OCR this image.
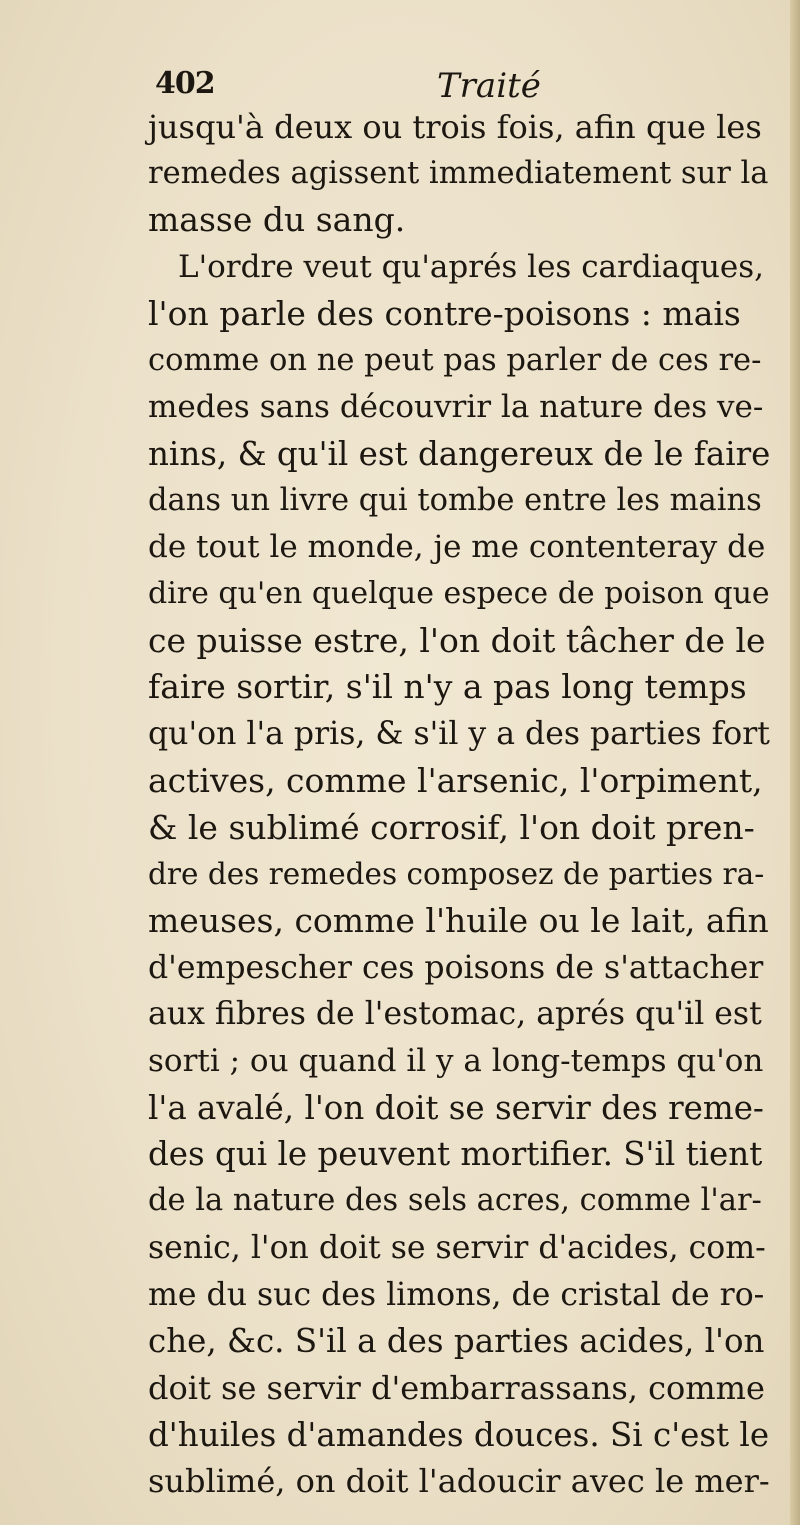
402	Traité
jusqu'à deux ou trois fois, afin que les
remedes agissent immediatement sur la
masse du sang.
L'ordre veut qu'aprés les cardiaques,
l'on parle des contre-poisons : mais
comme on ne peut pas parler de ces re-
medes sans découvrir la nature des ve-
nins, & qu'il est dangereux de le faire
dans un livre qui tombe entre les mains
de tout le monde, je me contenteray de
dire qu'en quelque espece de poison que
ce puisse estre, l'on doit tâcher de le
faire sortir, s'il n'y a pas long temps
qu'on l'a pris, & s'il y a des parties fort
actives, comme l'arsenic, l'orpiment,
& le sublimé corrosif, l'on doit pren-
dre des remedes composez de parties ra-
meuses, comme l'huile ou le lait, afin
d'empescher ces poisons de s'attacher
aux fibres de l'estomac, aprés qu'il est
sorti ; ou quand il y a long-temps qu'on
l'a avalé, l'on doit se servir des reme-
des qui le peuvent mortifier. S'il tient
de la nature des sels acres, comme l'ar-
senic, l'on doit se servir d'acides, com-
me du suc des limons, de cristal de ro-
che, &c. S'il a des parties acides, l'on
doit se servir d'embarrassans, comme
d'huiles d'amandes douces. Si c'est le
sublimé, on doit l'adoucir avec le mer-
